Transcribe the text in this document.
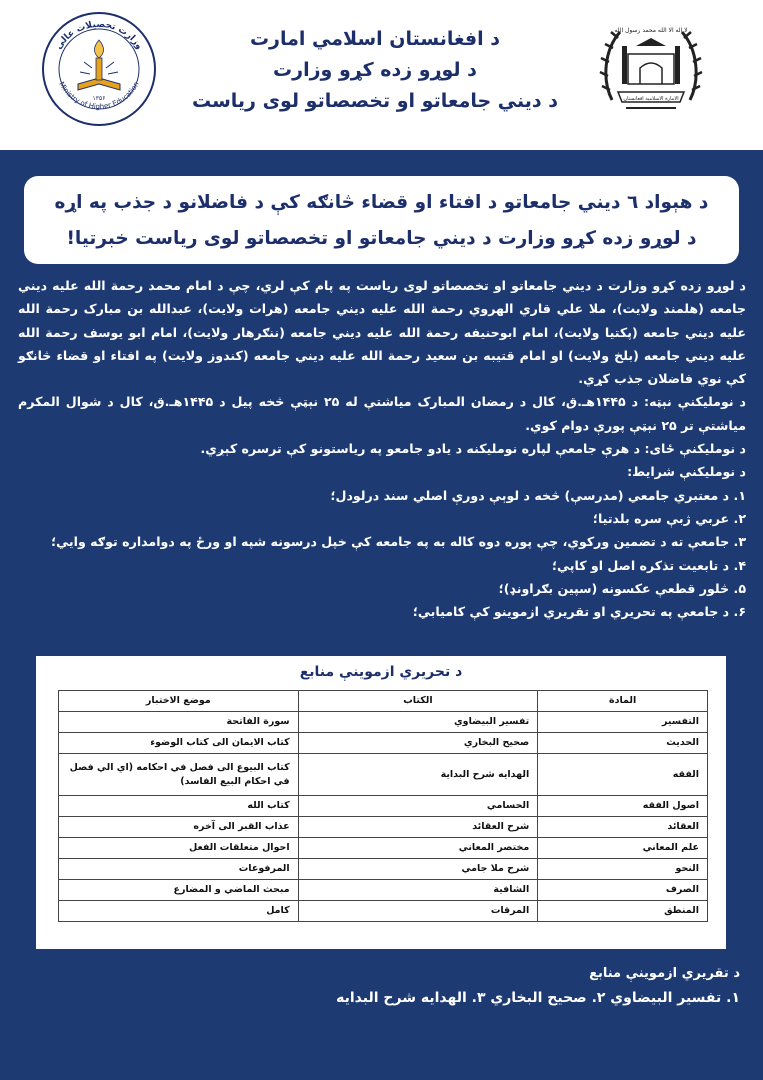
وزارت تحصیلات عالی
Ministry of Higher Education
۱۳۵۶
د افغانستان اسلامي امارت
د لوړو زده کړو وزارت
د ديني جامعاتو او تخصصاتو لوی رياست
لا اله الا الله محمد رسول الله
الامارة الاسلامية افغانستان
د هېواد ٦ ديني جامعاتو د افتاء او قضاء څانګه کې د فاضلانو د جذب په اړه
د لوړو زده کړو وزارت د ديني جامعاتو او تخصصاتو لوی رياست خبرتيا!

د لوړو زده کړو وزارت د ديني جامعاتو او تخصصاتو لوی رياست په پام کې لري، چې د امام محمد رحمة الله عليه ديني جامعه (هلمند ولايت)، ملا علي قاري الهروي رحمة الله عليه ديني جامعه (هرات ولايت)، عبدالله بن مبارک رحمة الله عليه ديني جامعه (پکتيا ولايت)، امام ابوحنيفه رحمة الله عليه ديني جامعه (ننګرهار ولايت)، امام ابو يوسف رحمة الله عليه ديني جامعه (بلخ ولايت) او امام قتيبه بن سعيد رحمة الله عليه ديني جامعه (کندوز ولايت) په افتاء او قضاء څانګو کې نوي فاضلان جذب کړي.

د نوملیکنې نېټه: د ۱۴۴۵هـ.ق، کال د رمضان المبارک میاشتې له ۲۵ نېټې څخه پيل د ۱۴۴۵هـ.ق، کال د شوال المکرم میاشتې تر ۲۵ نېټې پورې دوام کوي.

د نوملیکنې ځای: د هرې جامعې لپاره نوملیکنه د يادو جامعو په رياستونو کې ترسره کېږي.

د نوملیکنې شرايط:

۱. د معتبري جامعي (مدرسې) څخه د لوېې دورې اصلي سند درلودل؛

۲. عربي ژبې سره بلدتيا؛

۳. جامعې ته د تضمين ورکوي، چې پوره دوه کاله به په جامعه کې خپل درسونه شپه او ورځ په دوامداره توګه وايي؛

۴. د تابعيت تذکره اصل او کاپي؛

۵. څلور قطعې عکسونه (سپين بګراونډ)؛

۶. د جامعې په تحريري او تقريري ازموينو کې کاميابي؛

د تحريري ازموينې منابع
المادة	الكتاب	موضع الاختبار
التفسير	تفسير البيضاوي	سورة الفاتحة
الحديث	صحيح البخاري	كتاب الايمان الى كتاب الوضوء
الفقه	الهدايه شرح البداية	كتاب البيوع الى فصل في احكامه (اي الي فصل في احكام البيع الفاسد)
اصول الفقه	الحسامي	كتاب الله
العقائد	شرح العقائد	عذاب القبر الى آخره
علم المعاني	مختصر المعاني	احوال متعلقات الفعل
النحو	شرح ملا جامي	المرفوعات
الصرف	الشافية	مبحث الماضي و المضارع
المنطق	المرقات	كامل
د تقريري ازموينې منابع
۱. تفسير البيضاوي ۲. صحيح البخاري ۳. الهدايه شرح البدايه
